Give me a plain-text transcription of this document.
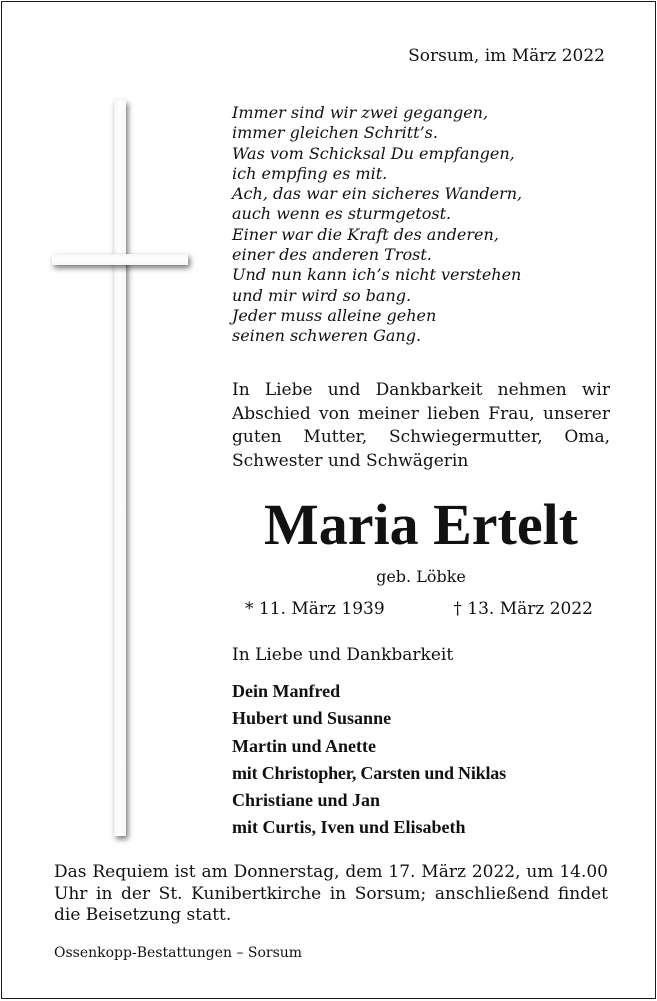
Sorsum, im März 2022
Immer sind wir zwei gegangen,
immer gleichen Schritt’s.
Was vom Schicksal Du empfangen,
ich empfing es mit.
Ach, das war ein sicheres Wandern,
auch wenn es sturmgetost.
Einer war die Kraft des anderen,
einer des anderen Trost.
Und nun kann ich’s nicht verstehen
und mir wird so bang.
Jeder muss alleine gehen
seinen schweren Gang.
In Liebe und Dankbarkeit nehmen wir Abschied von meiner lieben Frau, unserer guten Mutter, Schwiegermutter, Oma, Schwester und Schwägerin
Maria Ertelt
geb. Löbke
* 11. März 1939	† 13. März 2022
In Liebe und Dankbarkeit
Dein Manfred
Hubert und Susanne
Martin und Anette
mit Christopher, Carsten und Niklas
Christiane und Jan
mit Curtis, Iven und Elisabeth
Das Requiem ist am Donnerstag, dem 17. März 2022, um 14.00 Uhr in der St. Kunibertkirche in Sorsum; anschließend findet die Beisetzung statt.
Ossenkopp-Bestattungen – Sorsum
